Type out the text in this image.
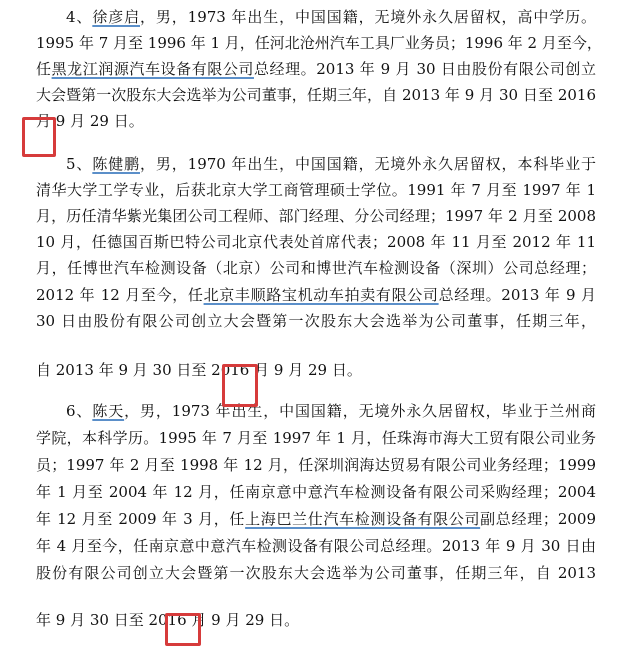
4、徐彦启，男，1973 年出生，中国国籍，无境外永久居留权，高中学历。
1995 年 7 月至 1996 年 1 月，任河北沧州汽车工具厂业务员；1996 年 2 月至今，
任黑龙江润源汽车设备有限公司总经理。2013 年 9 月 30 日由股份有限公司创立
大会暨第一次股东大会选举为公司董事，任期三年，自 2013 年 9 月 30 日至 2016
月 9 月 29 日。
5、陈健鹏，男，1970 年出生，中国国籍，无境外永久居留权，本科毕业于
清华大学工学专业，后获北京大学工商管理硕士学位。1991 年 7 月至 1997 年 1
月，历任清华紫光集团公司工程师、部门经理、分公司经理；1997 年 2 月至 2008
10 月，任德国百斯巴特公司北京代表处首席代表；2008 年 11 月至 2012 年 11
月，任博世汽车检测设备（北京）公司和博世汽车检测设备（深圳）公司总经理；
2012 年 12 月至今，任北京丰顺路宝机动车拍卖有限公司总经理。2013 年 9 月
30 日由股份有限公司创立大会暨第一次股东大会选举为公司董事，任期三年，
自 2013 年 9 月 30 日至 2016 月 9 月 29 日。
6、陈天，男，1973 年出生，中国国籍，无境外永久居留权，毕业于兰州商
学院，本科学历。1995 年 7 月至 1997 年 1 月，任珠海市海大工贸有限公司业务
员；1997 年 2 月至 1998 年 12 月，任深圳润海达贸易有限公司业务经理；1999
年 1 月至 2004 年 12 月，任南京意中意汽车检测设备有限公司采购经理；2004
年 12 月至 2009 年 3 月，任上海巴兰仕汽车检测设备有限公司副总经理；2009
年 4 月至今，任南京意中意汽车检测设备有限公司总经理。2013 年 9 月 30 日由
股份有限公司创立大会暨第一次股东大会选举为公司董事，任期三年，自 2013
年 9 月 30 日至 2016 月 9 月 29 日。
